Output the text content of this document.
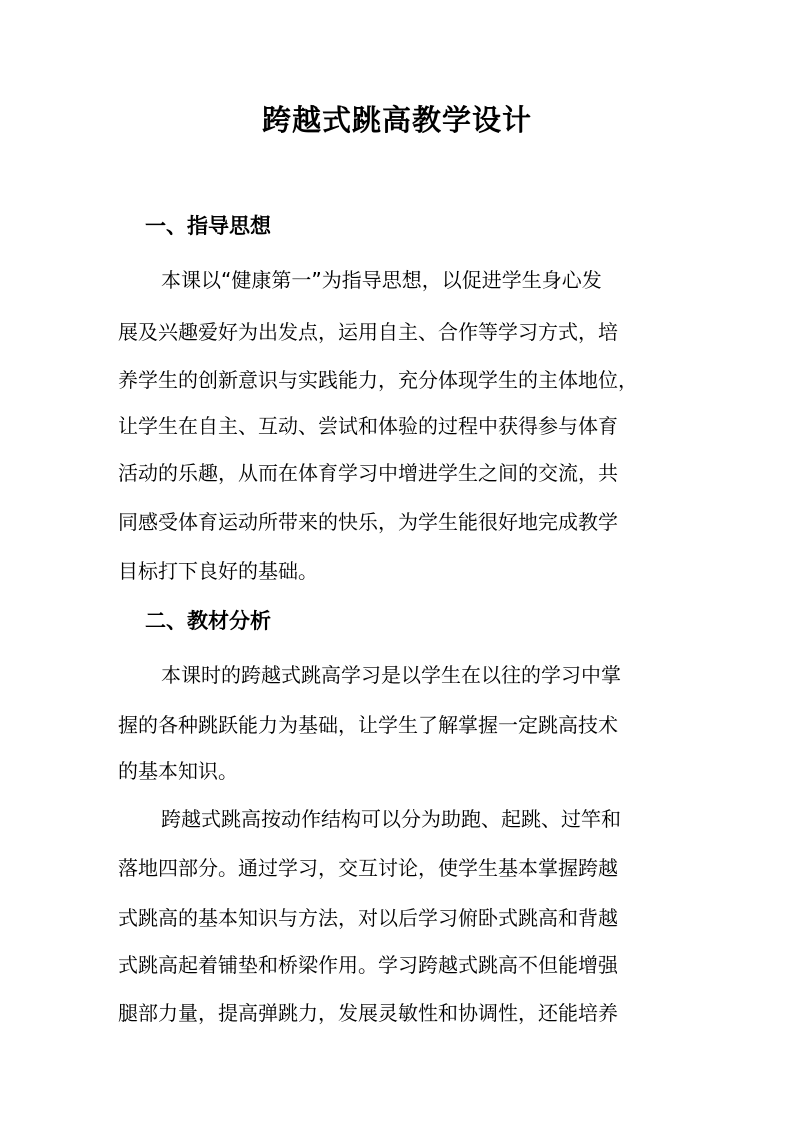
跨越式跳高教学设计
一、指导思想
本课以“健康第一”为指导思想，以促进学生身心发
展及兴趣爱好为出发点，运用自主、合作等学习方式，培
养学生的创新意识与实践能力，充分体现学生的主体地位，
让学生在自主、互动、尝试和体验的过程中获得参与体育
活动的乐趣，从而在体育学习中增进学生之间的交流，共
同感受体育运动所带来的快乐，为学生能很好地完成教学
目标打下良好的基础。
二、教材分析
本课时的跨越式跳高学习是以学生在以往的学习中掌
握的各种跳跃能力为基础，让学生了解掌握一定跳高技术
的基本知识。
跨越式跳高按动作结构可以分为助跑、起跳、过竿和
落地四部分。通过学习，交互讨论，使学生基本掌握跨越
式跳高的基本知识与方法，对以后学习俯卧式跳高和背越
式跳高起着铺垫和桥梁作用。学习跨越式跳高不但能增强
腿部力量，提高弹跳力，发展灵敏性和协调性，还能培养
